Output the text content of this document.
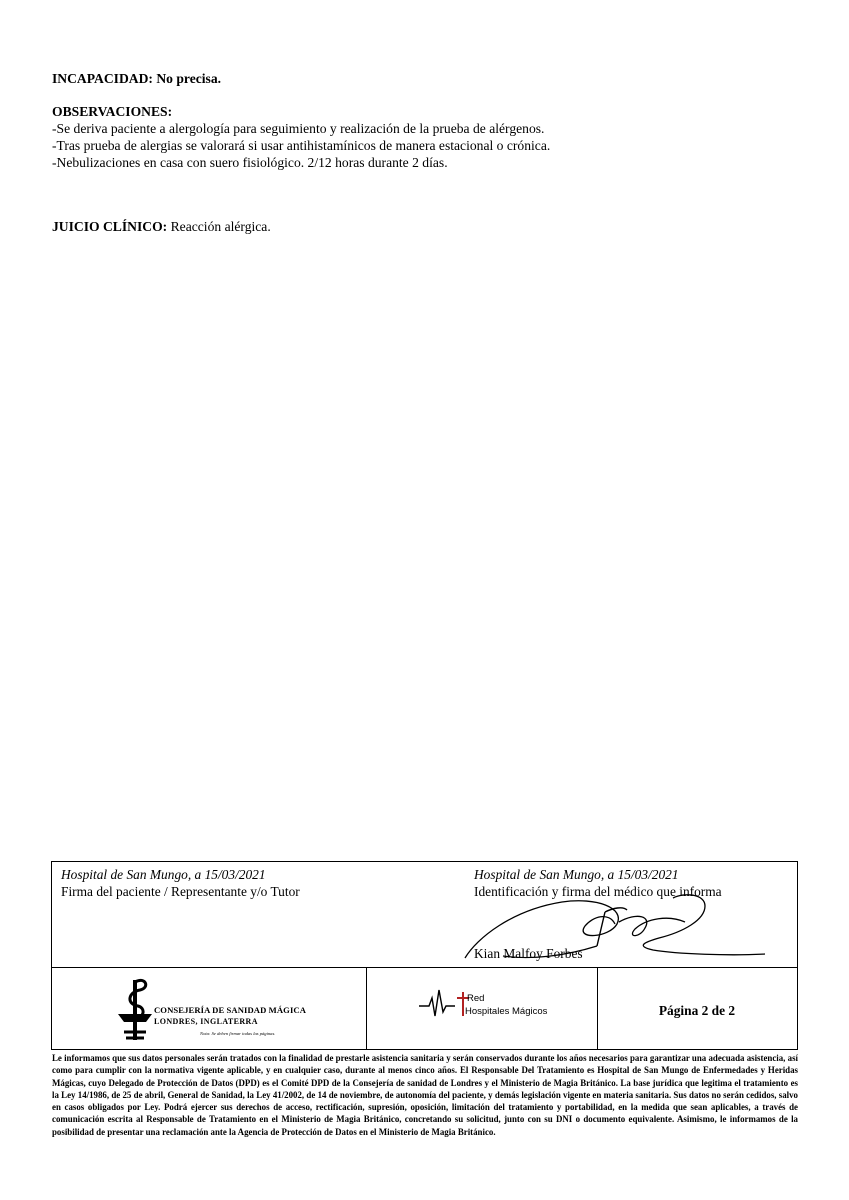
INCAPACIDAD: No precisa.
OBSERVACIONES:
-Se deriva paciente a alergología para seguimiento y realización de la prueba de alérgenos.
-Tras prueba de alergias se valorará si usar antihistamínicos de manera estacional o crónica.
-Nebulizaciones en casa con suero fisiológico. 2/12 horas durante 2 días.
JUICIO CLÍNICO: Reacción alérgica.
Hospital de San Mungo, a 15/03/2021
Firma del paciente / Representante y/o Tutor
Hospital de San Mungo, a 15/03/2021
Identificación y firma del médico que informa
Kian Malfoy Forbes
CONSEJERÍA DE SANIDAD MÁGICA
LONDRES, INGLATERRA
Nota: Se deben firmar todas las páginas.
Red
Hospitales Mágicos	Página 2 de 2
Le informamos que sus datos personales serán tratados con la finalidad de prestarle asistencia sanitaria y serán conservados durante los años necesarios para garantizar una adecuada asistencia, así como para cumplir con la normativa vigente aplicable, y en cualquier caso, durante al menos cinco años. El Responsable Del Tratamiento es Hospital de San Mungo de Enfermedades y Heridas Mágicas, cuyo Delegado de Protección de Datos (DPD) es el Comité DPD de la Consejería de sanidad de Londres y el Ministerio de Magia Británico. La base jurídica que legitima el tratamiento es la Ley 14/1986, de 25 de abril, General de Sanidad, la Ley 41/2002, de 14 de noviembre, de autonomía del paciente, y demás legislación vigente en materia sanitaria. Sus datos no serán cedidos, salvo en casos obligados por Ley. Podrá ejercer sus derechos de acceso, rectificación, supresión, oposición, limitación del tratamiento y portabilidad, en la medida que sean aplicables, a través de comunicación escrita al Responsable de Tratamiento en el Ministerio de Magia Británico, concretando su solicitud, junto con su DNI o documento equivalente. Asimismo, le informamos de la posibilidad de presentar una reclamación ante la Agencia de Protección de Datos en el Ministerio de Magia Británico.
